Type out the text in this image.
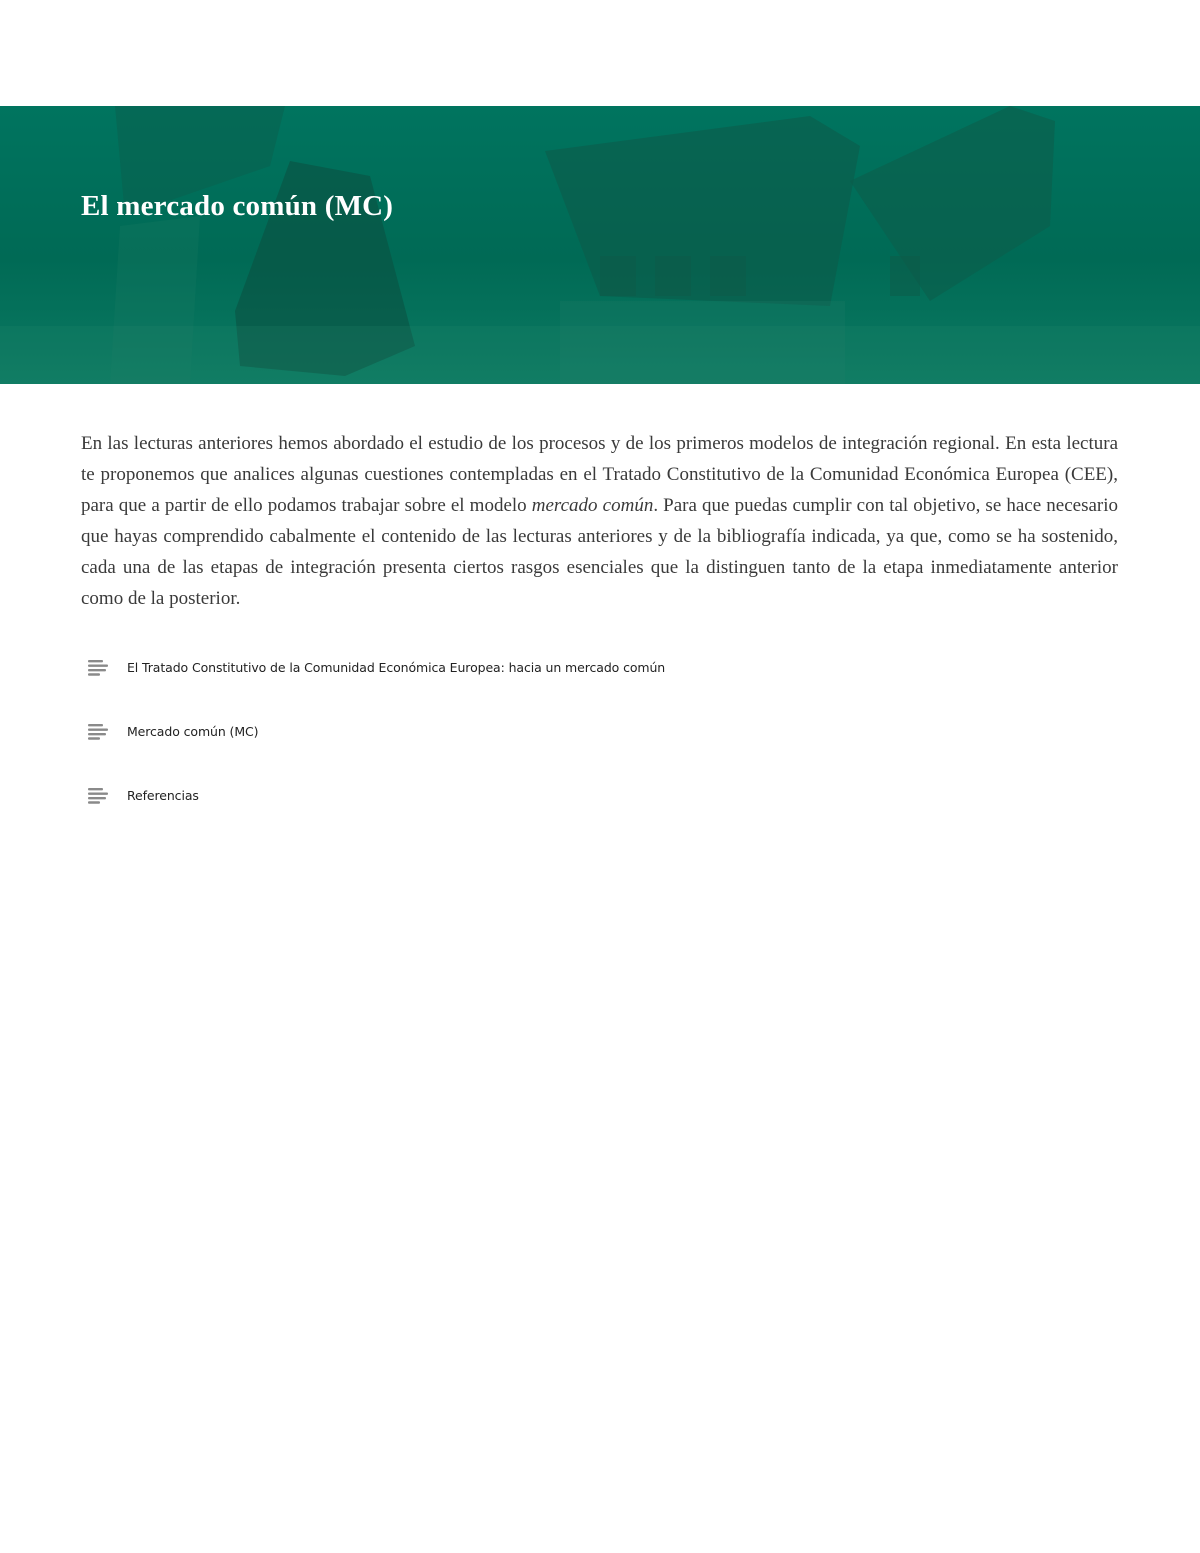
El mercado común (MC)

En las lecturas anteriores hemos abordado el estudio de los procesos y de los primeros modelos de integración regional. En esta lectura te proponemos que analices algunas cuestiones contempladas en el Tratado Constitutivo de la Comunidad Económica Europea (CEE), para que a partir de ello podamos trabajar sobre el modelo mercado común. Para que puedas cumplir con tal objetivo, se hace necesario que hayas comprendido cabalmente el contenido de las lecturas anteriores y de la bibliografía indicada, ya que, como se ha sostenido, cada una de las etapas de integración presenta ciertos rasgos esenciales que la distinguen tanto de la etapa inmediatamente anterior como de la posterior.

El Tratado Constitutivo de la Comunidad Económica Europea: hacia un mercado común
Mercado común (MC)
Referencias
